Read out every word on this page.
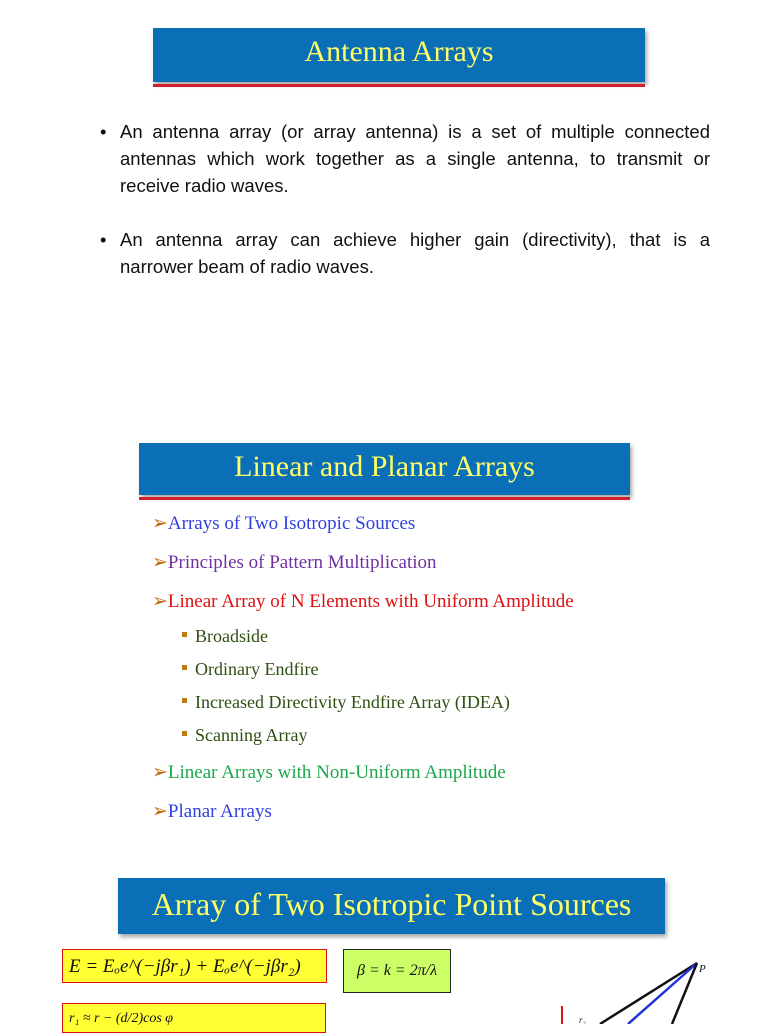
Antenna Arrays
• An antenna array (or array antenna) is a set of multiple connected antennas which work together as a single antenna, to transmit or receive radio waves.
• An antenna array can achieve higher gain (directivity), that is a narrower beam of radio waves.
Linear and Planar Arrays
➢Arrays of Two Isotropic Sources
➢Principles of Pattern Multiplication
➢Linear Array of N Elements with Uniform Amplitude
Broadside
Ordinary Endfire
Increased Directivity Endfire Array (IDEA)
Scanning Array
➢Linear Arrays with Non-Uniform Amplitude
➢Planar Arrays
Array of Two Isotropic Point Sources
E = Eₒe^(−jβr₁) + Eₒe^(−jβr₂)	β = k = 2π/λ
r₁ ≈ r − (d/2)cos φ
P
r₂
